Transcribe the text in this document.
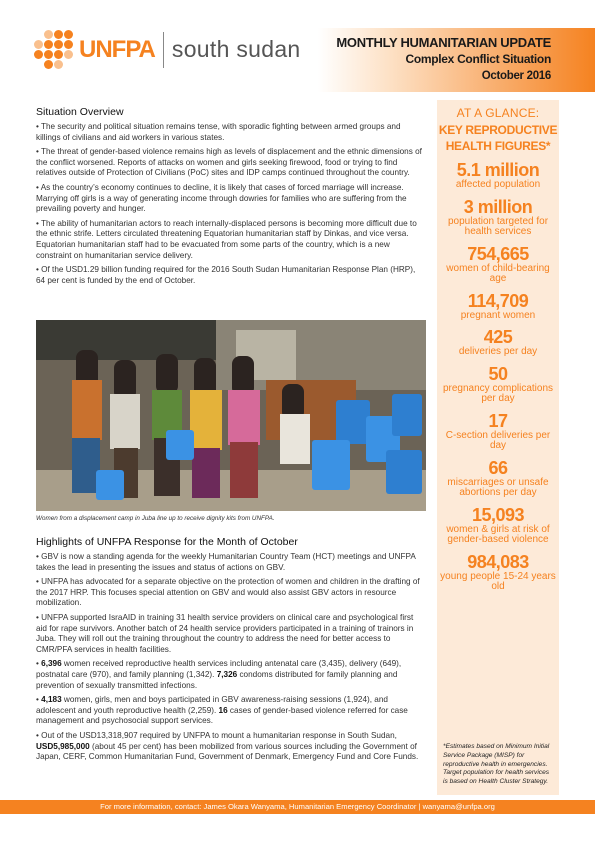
UNFPA south sudan	MONTHLY HUMANITARIAN UPDATE
Complex Conflict Situation
October 2016
Situation Overview

• The security and political situation remains tense, with sporadic fighting between armed groups and killings of civilians and aid workers in various states.

• The threat of gender-based violence remains high as levels of displacement and the ethnic dimensions of the conflict worsened. Reports of attacks on women and girls seeking firewood, food or trying to find relatives outside of Protection of Civilians (PoC) sites and IDP camps continued throughout the country.

• As the country’s economy continues to decline, it is likely that cases of forced marriage will increase. Marrying off girls is a way of generating income through dowries for families who are suffering from the prevailing poverty and hunger.

• The ability of humanitarian actors to reach internally-displaced persons is becoming more difficult due to the ethnic strife. Letters circulated threatening Equatorian humanitarian staff by Dinkas, and vice versa. Equatorian humanitarian staff had to be evacuated from some parts of the country, which is a new constraint on humanitarian service delivery.

• Of the USD1.29 billion funding required for the 2016 South Sudan Humanitarian Response Plan (HRP), 64 per cent is funded by the end of October.

Women from a displacement camp in Juba line up to receive dignity kits from UNFPA.
Highlights of UNFPA Response for the Month of October

• GBV is now a standing agenda for the weekly Humanitarian Country Team (HCT) meetings and UNFPA takes the lead in presenting the issues and status of actions on GBV.

• UNFPA has advocated for a separate objective on the protection of women and children in the drafting of the 2017 HRP. This focuses special attention on GBV and would also assist GBV actors in resource mobilization.

• UNFPA supported IsraAID in training 31 health service providers on clinical care and psychological first aid for rape survivors. Another batch of 24 health service providers participated in a training of trainors in Juba. They will roll out the training throughout the country to address the need for better access to CMR/PFA services in health facilities.

• 6,396 women received reproductive health services including antenatal care (3,435), delivery (649), postnatal care (970), and family planning (1,342). 7,326 condoms distributed for family planning and prevention of sexually transmitted infections.

• 4,183 women, girls, men and boys participated in GBV awareness-raising sessions (1,924), and adolescent and youth reproductive health (2,259). 16 cases of gender-based violence referred for case management and psychosocial support services.

• Out of the USD13,318,907 required by UNFPA to mount a humanitarian response in South Sudan, USD5,985,000 (about 45 per cent) has been mobilized from various sources including the Government of Japan, CERF, Common Humanitarian Fund, Government of Denmark, Emergency Fund and Core Funds.

AT A GLANCE:
KEY REPRODUCTIVE
HEALTH FIGURES*
5.1 million
affected population
3 million
population targeted for health services
754,665
women of child-bearing age
114,709
pregnant women
425
deliveries per day
50
pregnancy complications per day
17
C-section deliveries per day
66
miscarriages or unsafe abortions per day
15,093
women & girls at risk of gender-based violence
984,083
young people 15-24 years old
*Estimates based on Minimum Initial Service Package (MISP) for reproductive health in emergencies. Target population for health services is based on Health Cluster Strategy.
For more information, contact: James Okara Wanyama, Humanitarian Emergency Coordinator | wanyama@unfpa.org
